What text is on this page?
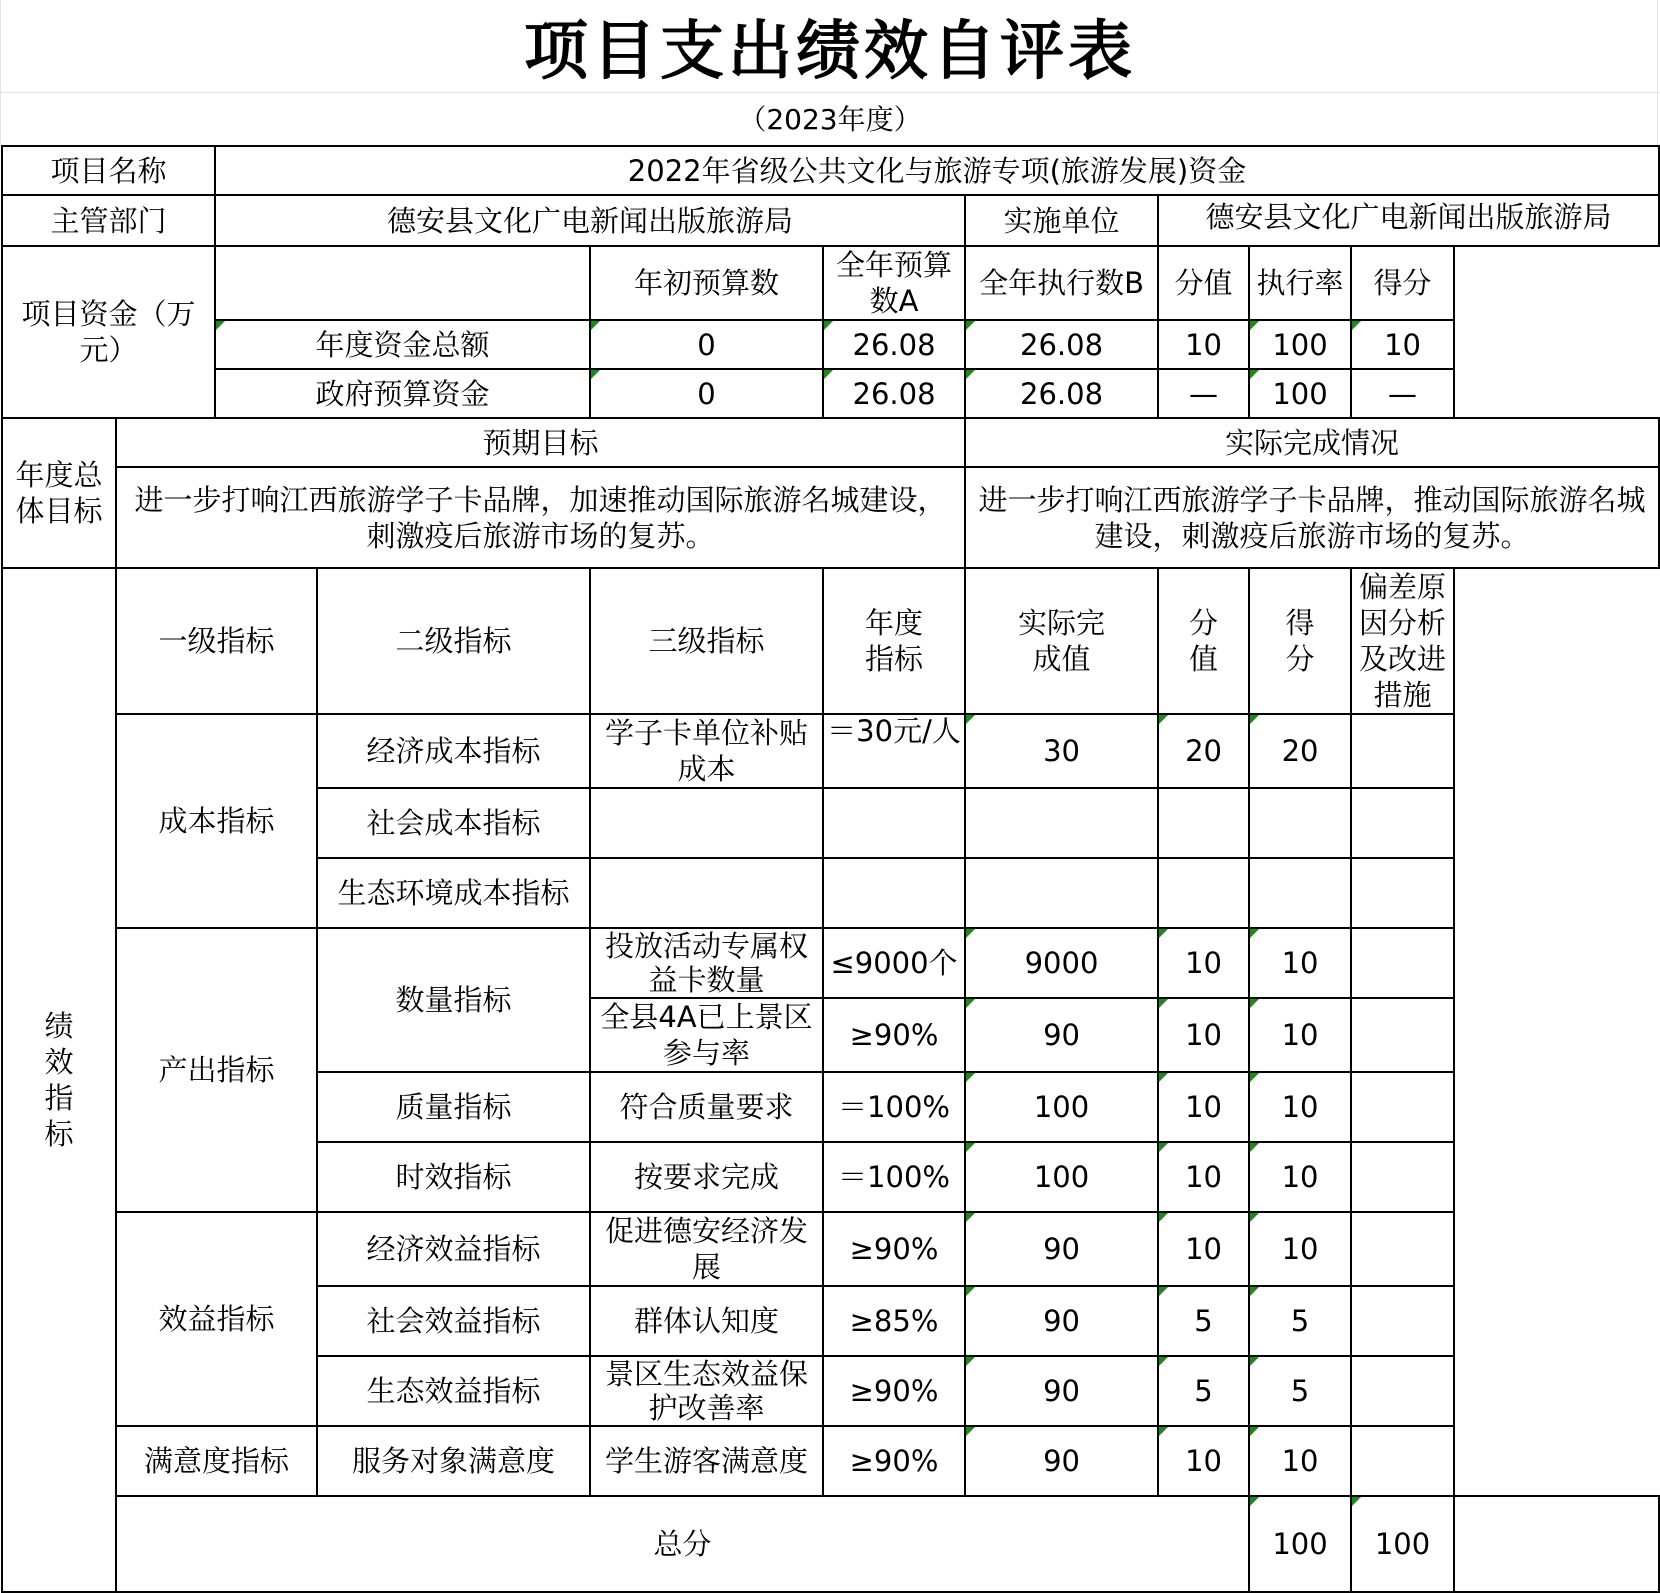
项目支出绩效自评表
（2023年度）
项目名称		2022年省级公共文化与旅游专项(旅游发展)资金								
主管部门		德安县文化广电新闻出版旅游局				实施单位	德安县文化广电新闻出版旅游局			

项目资金（万元）				年初预算数	全年预算数A	全年执行数B	分值	执行率	得分	
		年度资金总额		0	26.08	26.08	10	100	10	
		政府预算资金		0	26.08	26.08	—	100	—	
年度总体目标	预期目标					实际完成情况				
	进一步打响江西旅游学子卡品牌，加速推动国际旅游名城建设，刺激疫后旅游市场的复苏。					进一步打响江西旅游学子卡品牌，推动国际旅游名城建设，刺激疫后旅游市场的复苏。				
绩效指标	一级指标		二级指标	三级指标	年度指标	实际完成值	分值	得分	偏差原因分析及改进措施	
	成本指标		经济成本指标	学子卡单位补贴成本	＝30元/人	30	20	20		
			社会成本指标							
			生态环境成本指标							
	产出指标		数量指标	投放活动专属权益卡数量	≤9000个	9000	10	10		
				全县4A已上景区参与率	≥90%	90	10	10		
			质量指标	符合质量要求	＝100%	100	10	10		
			时效指标	按要求完成	＝100%	100	10	10		
	效益指标		经济效益指标	促进德安经济发展	≥90%	90	10	10		
			社会效益指标	群体认知度	≥85%	90	5	5		
			生态效益指标	景区生态效益保护改善率	≥90%	90	5	5		
	满意度指标		服务对象满意度	学生游客满意度	≥90%	90	10	10		
	总分							100	100	
